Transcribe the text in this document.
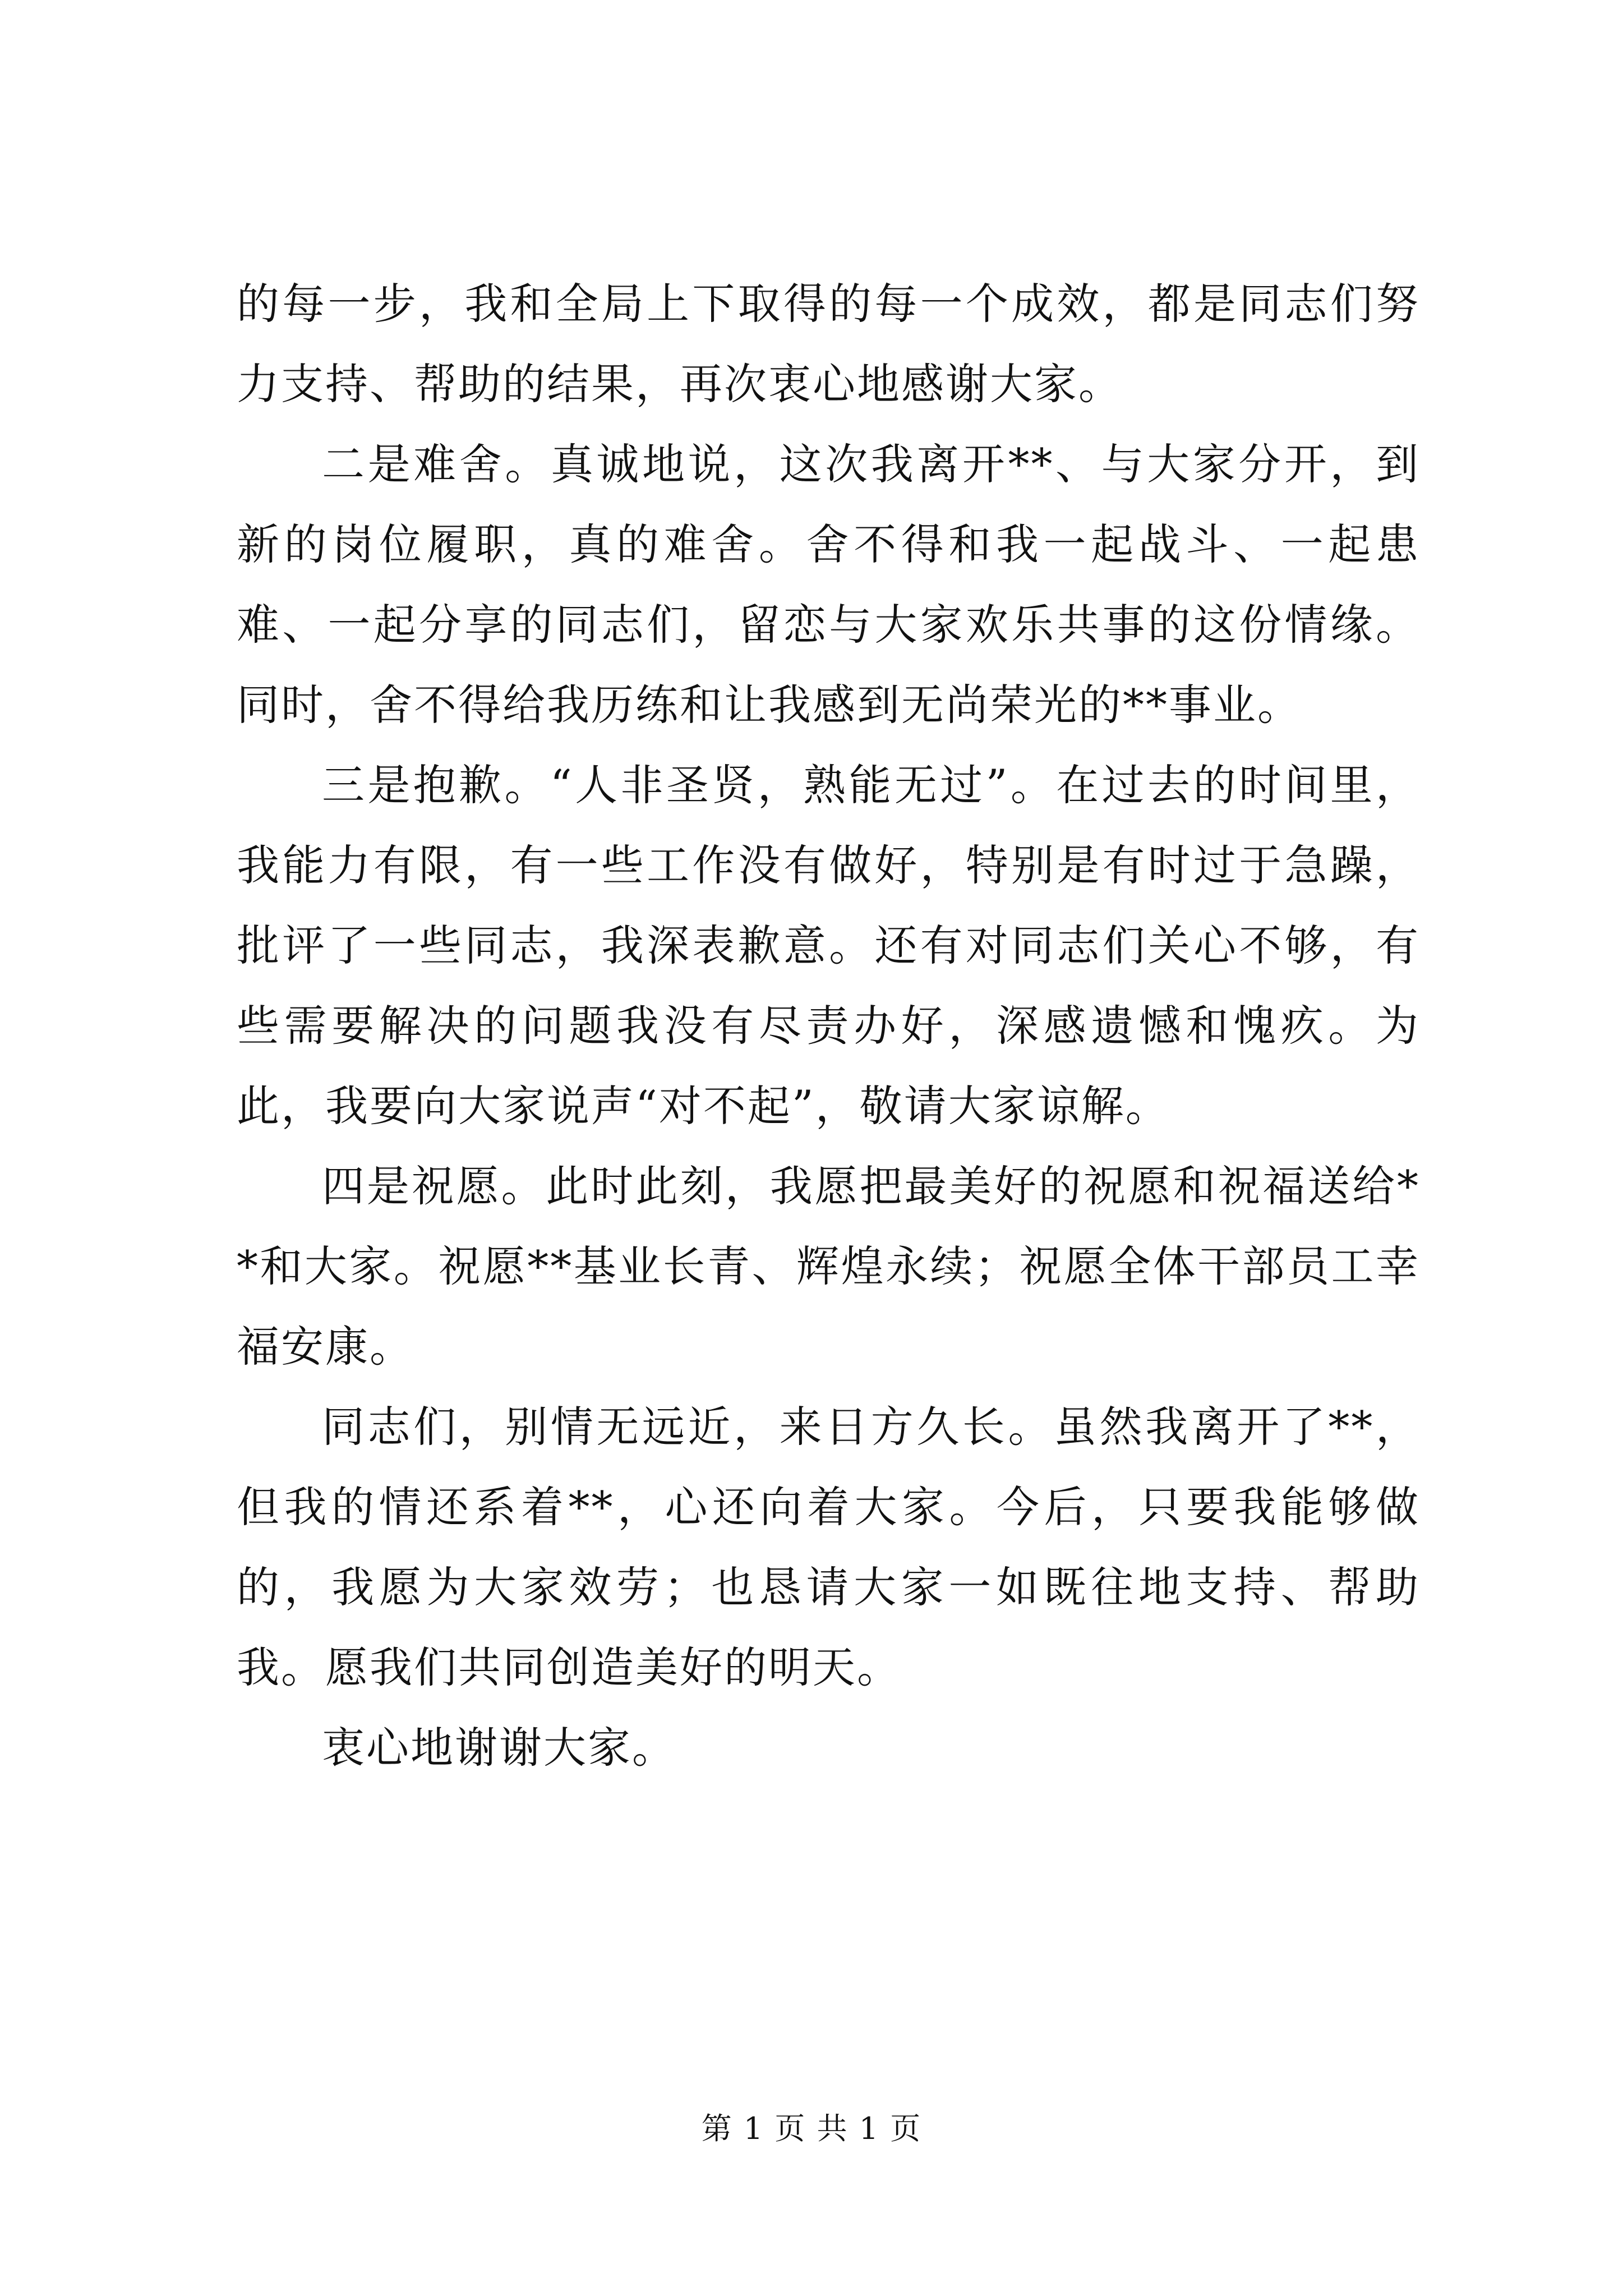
的每一步，我和全局上下取得的每一个成效，都是同志们努力支持、帮助的结果，再次衷心地感谢大家。

二是难舍。真诚地说，这次我离开**、与大家分开，到新的岗位履职，真的难舍。舍不得和我一起战斗、一起患难、一起分享的同志们，留恋与大家欢乐共事的这份情缘。同时，舍不得给我历练和让我感到无尚荣光的**事业。

三是抱歉。“人非圣贤，熟能无过”。在过去的时间里，我能力有限，有一些工作没有做好，特别是有时过于急躁，批评了一些同志，我深表歉意。还有对同志们关心不够，有些需要解决的问题我没有尽责办好，深感遗憾和愧疚。为此，我要向大家说声“对不起”，敬请大家谅解。

四是祝愿。此时此刻，我愿把最美好的祝愿和祝福送给**和大家。祝愿**基业长青、辉煌永续；祝愿全体干部员工幸福安康。

同志们，别情无远近，来日方久长。虽然我离开了**，但我的情还系着**，心还向着大家。今后，只要我能够做的，我愿为大家效劳；也恳请大家一如既往地支持、帮助我。愿我们共同创造美好的明天。

衷心地谢谢大家。

第 1 页 共 1 页
